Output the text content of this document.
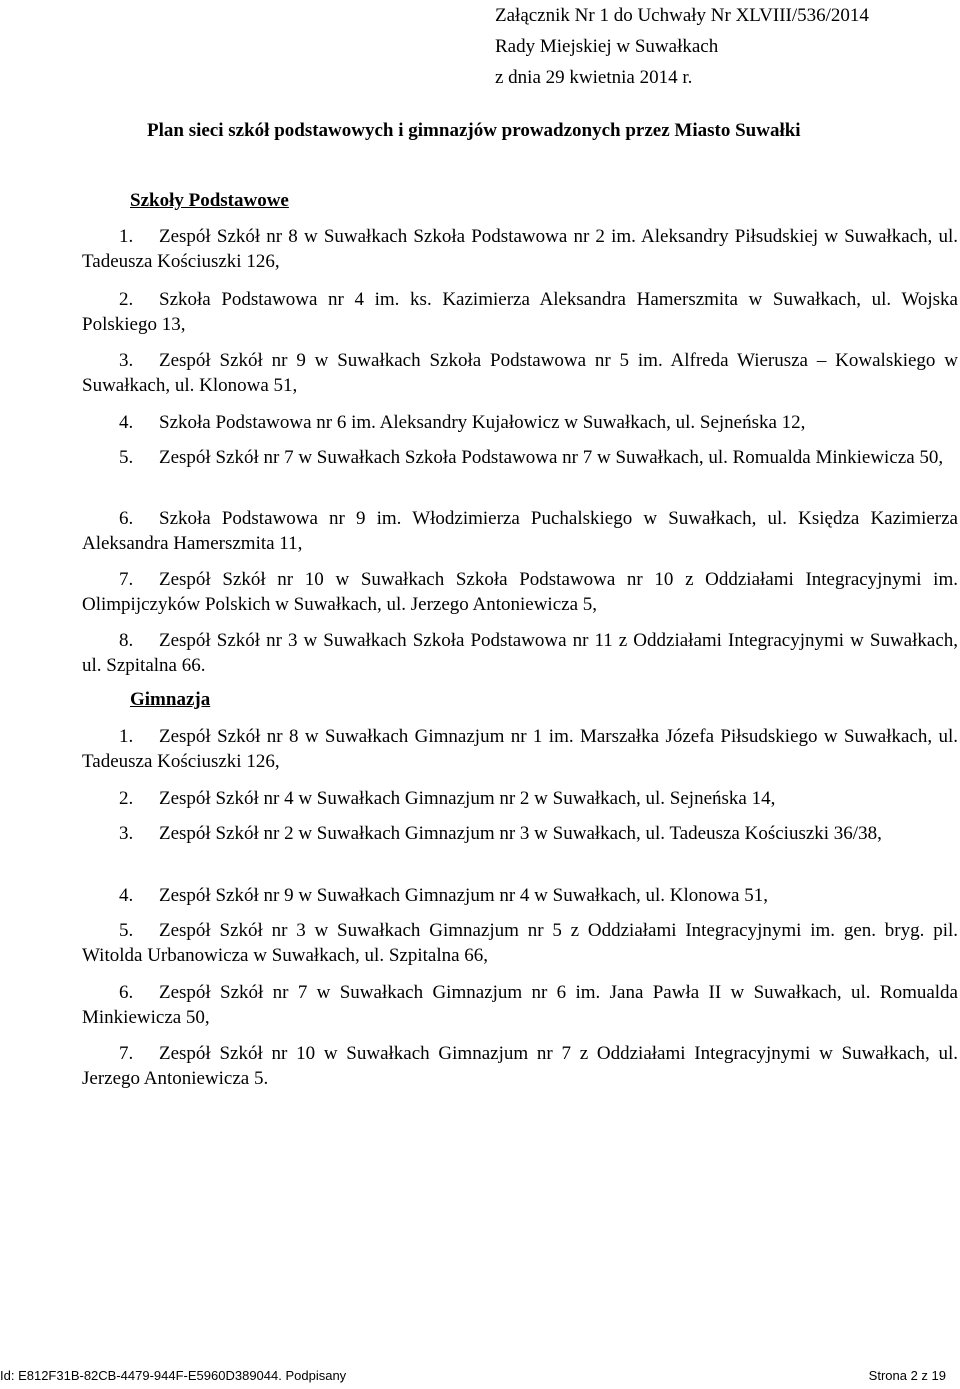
Załącznik Nr 1 do Uchwały Nr XLVIII/536/2014
Rady Miejskiej w Suwałkach
z dnia 29 kwietnia 2014 r.
Plan sieci szkół podstawowych i gimnazjów prowadzonych przez Miasto Suwałki
Szkoły Podstawowe
1. Zespół Szkół nr 8 w Suwałkach Szkoła Podstawowa nr 2 im. Aleksandry Piłsudskiej w Suwałkach, ul. Tadeusza Kościuszki 126,
2. Szkoła Podstawowa nr 4 im. ks. Kazimierza Aleksandra Hamerszmita w Suwałkach, ul. Wojska Polskiego 13,
3. Zespół Szkół nr 9 w Suwałkach Szkoła Podstawowa nr 5 im. Alfreda Wierusza – Kowalskiego w Suwałkach, ul. Klonowa 51,
4. Szkoła Podstawowa nr 6 im. Aleksandry Kujałowicz w Suwałkach, ul. Sejneńska 12,
5. Zespół Szkół nr 7 w Suwałkach Szkoła Podstawowa nr 7 w Suwałkach, ul. Romualda Minkiewicza 50,
6. Szkoła Podstawowa nr 9 im. Włodzimierza Puchalskiego w Suwałkach, ul. Księdza Kazimierza Aleksandra Hamerszmita 11,
7. Zespół Szkół nr 10 w Suwałkach Szkoła Podstawowa nr 10 z Oddziałami Integracyjnymi im. Olimpijczyków Polskich w Suwałkach, ul. Jerzego Antoniewicza 5,
8. Zespół Szkół nr 3 w Suwałkach Szkoła Podstawowa nr 11 z Oddziałami Integracyjnymi w Suwałkach, ul. Szpitalna 66.
Gimnazja
1. Zespół Szkół nr 8 w Suwałkach Gimnazjum nr 1 im. Marszałka Józefa Piłsudskiego w Suwałkach, ul. Tadeusza Kościuszki 126,
2. Zespół Szkół nr 4 w Suwałkach Gimnazjum nr 2 w Suwałkach, ul. Sejneńska 14,
3. Zespół Szkół nr 2 w Suwałkach Gimnazjum nr 3 w Suwałkach, ul. Tadeusza Kościuszki 36/38,
4. Zespół Szkół nr 9 w Suwałkach Gimnazjum nr 4 w Suwałkach, ul. Klonowa 51,
5. Zespół Szkół nr 3 w Suwałkach Gimnazjum nr 5 z Oddziałami Integracyjnymi im. gen. bryg. pil. Witolda Urbanowicza w Suwałkach, ul. Szpitalna 66,
6. Zespół Szkół nr 7 w Suwałkach Gimnazjum nr 6 im. Jana Pawła II w Suwałkach, ul. Romualda Minkiewicza 50,
7. Zespół Szkół nr 10 w Suwałkach Gimnazjum nr 7 z Oddziałami Integracyjnymi w Suwałkach, ul. Jerzego Antoniewicza 5.
Id: E812F31B-82CB-4479-944F-E5960D389044. Podpisany	Strona 2 z 19
